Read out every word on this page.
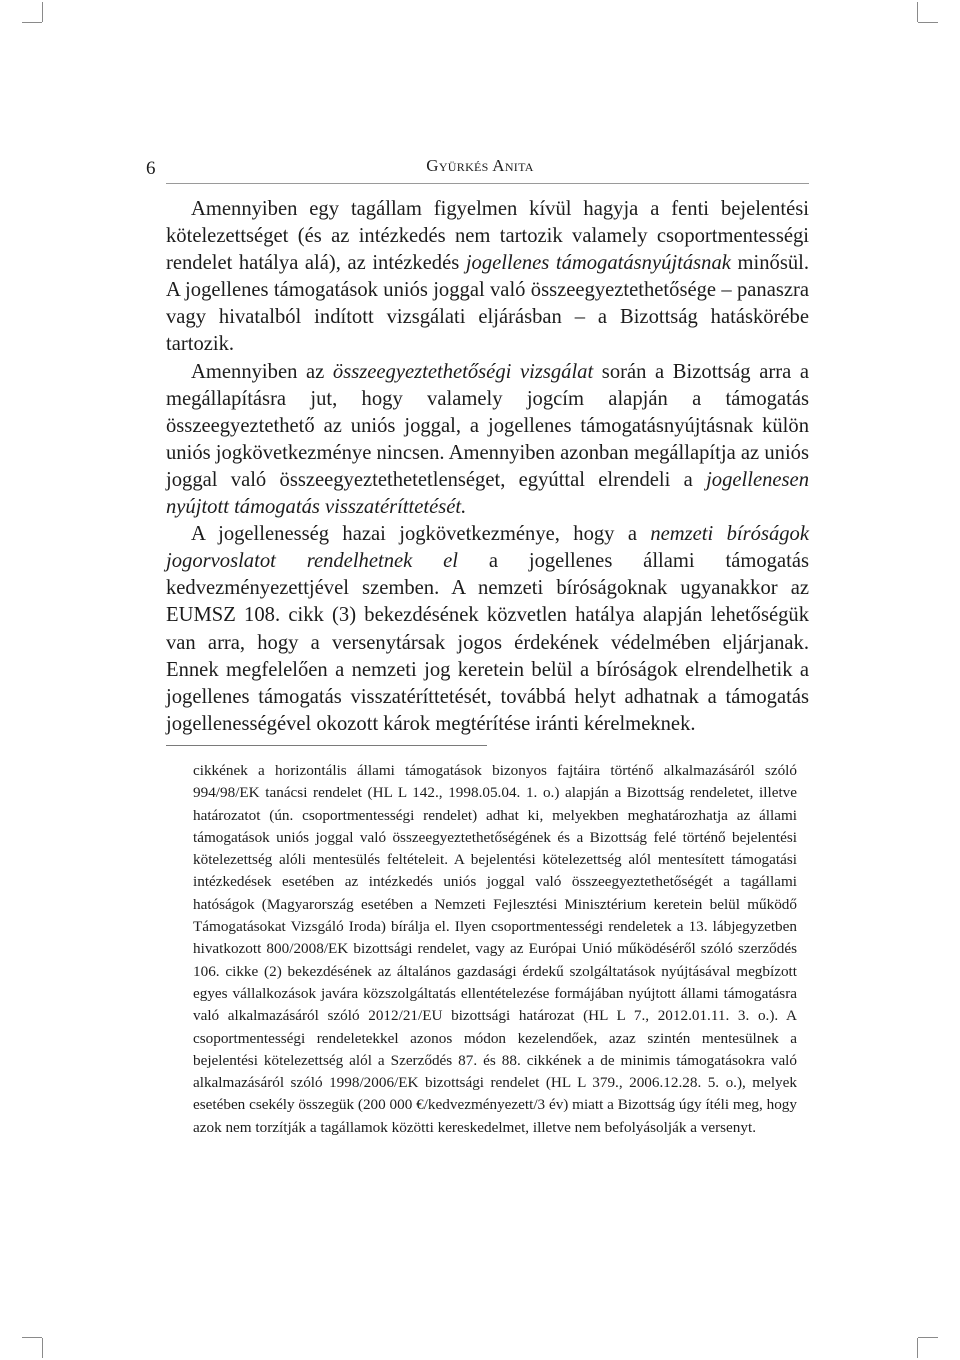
6	Gyürkés Anita

Amennyiben egy tagállam figyelmen kívül hagyja a fenti bejelentési kötelezettséget (és az intézkedés nem tartozik valamely csoportmentességi rendelet hatálya alá), az intézkedés jogellenes támogatásnyújtásnak minősül. A jogellenes támogatások uniós joggal való összeegyeztethetősége – panaszra vagy hivatalból indított vizsgálati eljárásban – a Bizottság hatáskörébe tartozik.

Amennyiben az összeegyeztethetőségi vizsgálat során a Bizottság arra a megállapításra jut, hogy valamely jogcím alapján a támogatás összeegyeztethető az uniós joggal, a jogellenes támogatásnyújtásnak külön uniós jogkövetkezménye nincsen. Amennyiben azonban megállapítja az uniós joggal való összeegyeztethetetlenséget, egyúttal elrendeli a jogellenesen nyújtott támogatás visszatéríttetését.

A jogellenesség hazai jogkövetkezménye, hogy a nemzeti bíróságok jogorvoslatot rendelhetnek el a jogellenes állami támogatás kedvezményezettjével szemben. A nemzeti bíróságoknak ugyanakkor az EUMSZ 108. cikk (3) bekezdésének közvetlen hatálya alapján lehetőségük van arra, hogy a versenytársak jogos érdekének védelmében eljárjanak. Ennek megfelelően a nemzeti jog keretein belül a bíróságok elrendelhetik a jogellenes támogatás visszatéríttetését, továbbá helyt adhatnak a támogatás jogellenességével okozott károk megtérítése iránti kérelmeknek.

cikkének a horizontális állami támogatások bizonyos fajtáira történő alkalmazásáról szóló 994/98/EK tanácsi rendelet (HL L 142., 1998.05.04. 1. o.) alapján a Bizottság rendeletet, illetve határozatot (ún. csoportmentességi rendelet) adhat ki, melyekben meghatározhatja az állami támogatások uniós joggal való összeegyeztethetőségének és a Bizottság felé történő bejelentési kötelezettség alóli mentesülés feltételeit. A bejelentési kötelezettség alól mentesített támogatási intézkedések esetében az intézkedés uniós joggal való összeegyeztethetőségét a tagállami hatóságok (Magyarország esetében a Nemzeti Fejlesztési Minisztérium keretein belül működő Támogatásokat Vizsgáló Iroda) bírálja el. Ilyen csoportmentességi rendeletek a 13. lábjegyzetben hivatkozott 800/2008/EK bizottsági rendelet, vagy az Európai Unió működéséről szóló szerződés 106. cikke (2) bekezdésének az általános gazdasági érdekű szolgáltatások nyújtásával megbízott egyes vállalkozások javára közszolgáltatás ellentételezése formájában nyújtott állami támogatásra való alkalmazásáról szóló 2012/21/EU bizottsági határozat (HL L 7., 2012.01.11. 3. o.). A csoportmentességi rendeletekkel azonos módon kezelendőek, azaz szintén mentesülnek a bejelentési kötelezettség alól a Szerződés 87. és 88. cikkének a de minimis támogatásokra való alkalmazásáról szóló 1998/2006/EK bizottsági rendelet (HL L 379., 2006.12.28. 5. o.), melyek esetében csekély összegük (200 000 €/kedvezményezett/3 év) miatt a Bizottság úgy ítéli meg, hogy azok nem torzítják a tagállamok közötti kereskedelmet, illetve nem befolyásolják a versenyt.
